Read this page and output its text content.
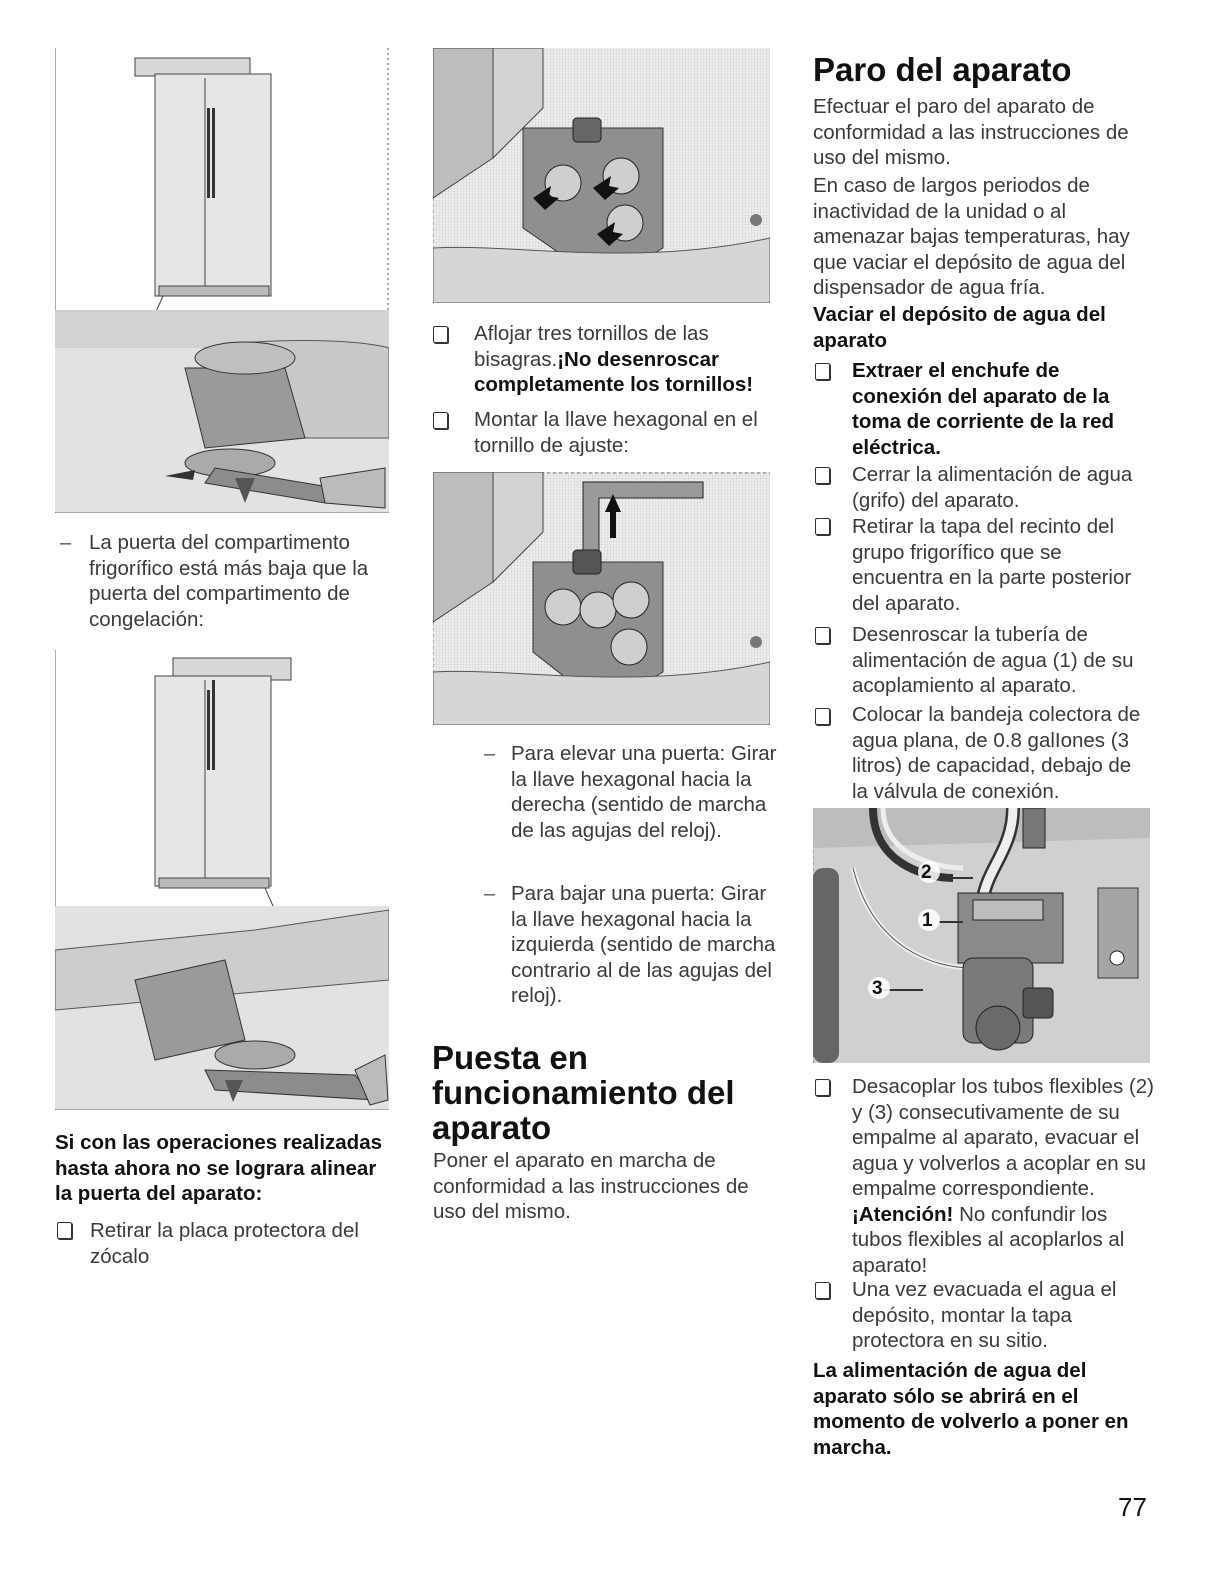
– La puerta del compartimento frigorífico está más baja que la puerta del compartimento de congelación:
Si con las operaciones realizadas hasta ahora no se lograra alinear la puerta del aparato:
Retirar la placa protectora del zócalo
Aflojar tres tornillos de las bisagras.¡No desenroscar completamente los tornillos!
Montar la llave hexagonal en el tornillo de ajuste:
– Para elevar una puerta: Girar la llave hexagonal hacia la derecha (sentido de marcha de las agujas del reloj).
– Para bajar una puerta: Girar la llave hexagonal hacia la izquierda (sentido de marcha contrario al de las agujas del reloj).
Puesta en funcionamiento del aparato
Poner el aparato en marcha de conformidad a las instrucciones de uso del mismo.
Paro del aparato
Efectuar el paro del aparato de conformidad a las instrucciones de uso del mismo.
En caso de largos periodos de inactividad de la unidad o al amenazar bajas temperaturas, hay que vaciar el depósito de agua del dispensador de agua fría.
Vaciar el depósito de agua del aparato
Extraer el enchufe de conexión del aparato de la toma de corriente de la red eléctrica.
Cerrar la alimentación de agua (grifo) del aparato.
Retirar la tapa del recinto del grupo frigorífico que se encuentra en la parte posterior del aparato.
Desenroscar la tubería de alimentación de agua (1) de su acoplamiento al aparato.
Colocar la bandeja colectora de agua plana, de 0.8 galIones (3 litros) de capacidad, debajo de la válvula de conexión.
2
1
3
Desacoplar los tubos flexibles (2) y (3) consecutivamente de su empalme al aparato, evacuar el agua y volverlos a acoplar en su empalme correspondiente. ¡Atención! No confundir los tubos flexibles al acoplarlos al aparato!
Una vez evacuada el agua el depósito, montar la tapa protectora en su sitio.
La alimentación de agua del aparato sólo se abrirá en el momento de volverlo a poner en marcha.
77
